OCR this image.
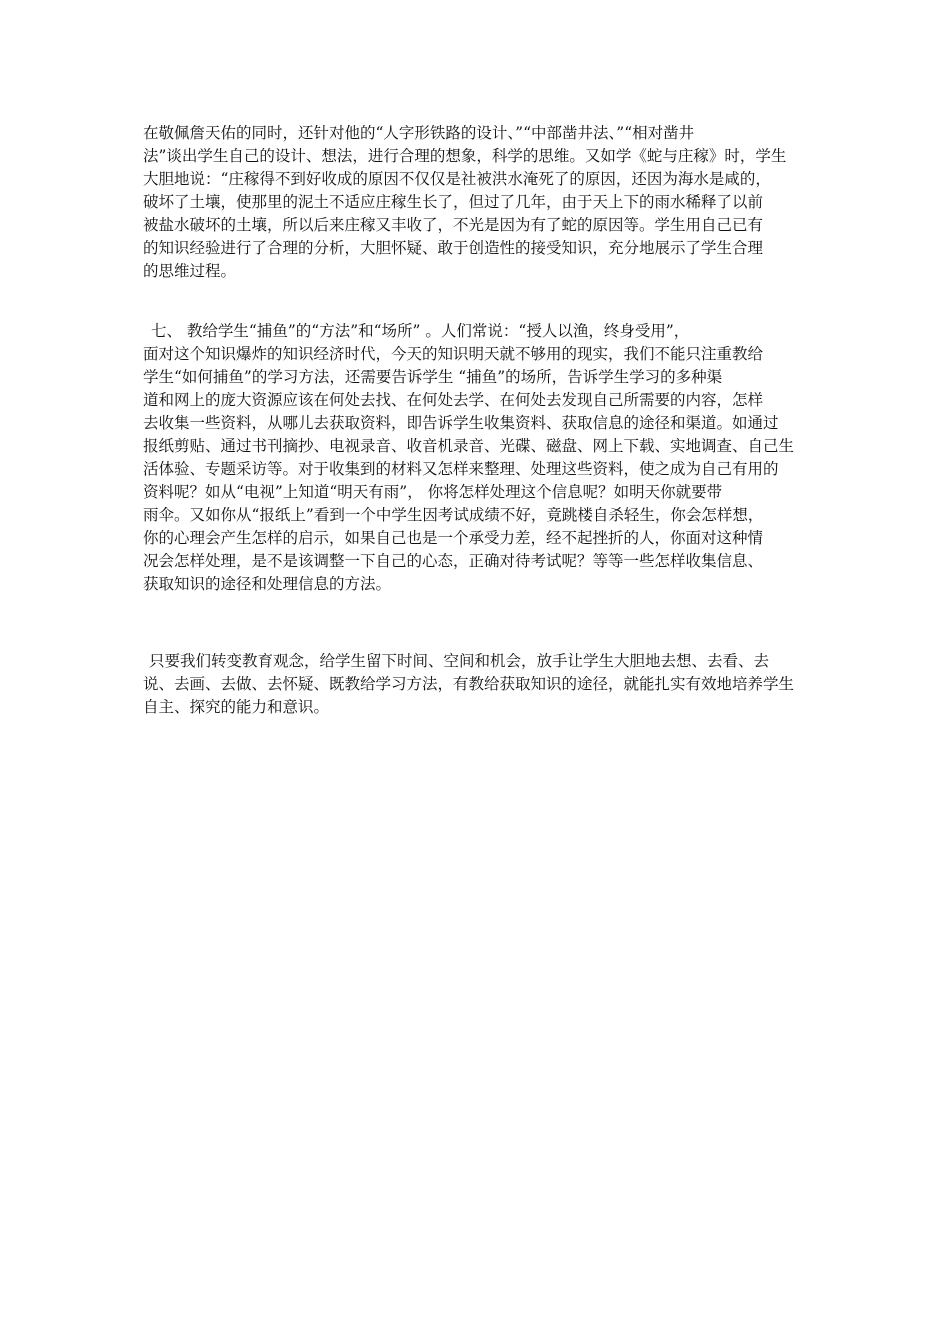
在敬佩詹天佑的同时，还针对他的“人字形铁路的设计、”“中部凿井法、”“相对凿井
法”谈出学生自己的设计、想法，进行合理的想象，科学的思维。又如学《蛇与庄稼》时，学生
大胆地说：“庄稼得不到好收成的原因不仅仅是社被洪水淹死了的原因，还因为海水是咸的，
破坏了土壤，使那里的泥土不适应庄稼生长了，但过了几年，由于天上下的雨水稀释了以前
被盐水破坏的土壤，所以后来庄稼又丰收了，不光是因为有了蛇的原因等。学生用自己已有
的知识经验进行了合理的分析，大胆怀疑、敢于创造性的接受知识，充分地展示了学生合理
的思维过程。
七、 教给学生“捕鱼”的“方法”和“场所” 。人们常说：“授人以渔，终身受用”，
面对这个知识爆炸的知识经济时代，今天的知识明天就不够用的现实，我们不能只注重教给
学生“如何捕鱼”的学习方法，还需要告诉学生 “捕鱼”的场所，告诉学生学习的多种渠
道和网上的庞大资源应该在何处去找、在何处去学、在何处去发现自己所需要的内容，怎样
去收集一些资料，从哪儿去获取资料，即告诉学生收集资料、获取信息的途径和渠道。如通过
报纸剪贴、通过书刊摘抄、电视录音、收音机录音、光碟、磁盘、网上下载、实地调查、自己生
活体验、专题采访等。对于收集到的材料又怎样来整理、处理这些资料，使之成为自己有用的
资料呢？如从“电视”上知道“明天有雨”， 你将怎样处理这个信息呢？如明天你就要带
雨伞。又如你从“报纸上”看到一个中学生因考试成绩不好，竟跳楼自杀轻生，你会怎样想，
你的心理会产生怎样的启示，如果自己也是一个承受力差，经不起挫折的人，你面对这种情
况会怎样处理，是不是该调整一下自己的心态，正确对待考试呢？等等一些怎样收集信息、
获取知识的途径和处理信息的方法。
只要我们转变教育观念，给学生留下时间、空间和机会，放手让学生大胆地去想、去看、去
说、去画、去做、去怀疑、既教给学习方法，有教给获取知识的途径，就能扎实有效地培养学生
自主、探究的能力和意识。
